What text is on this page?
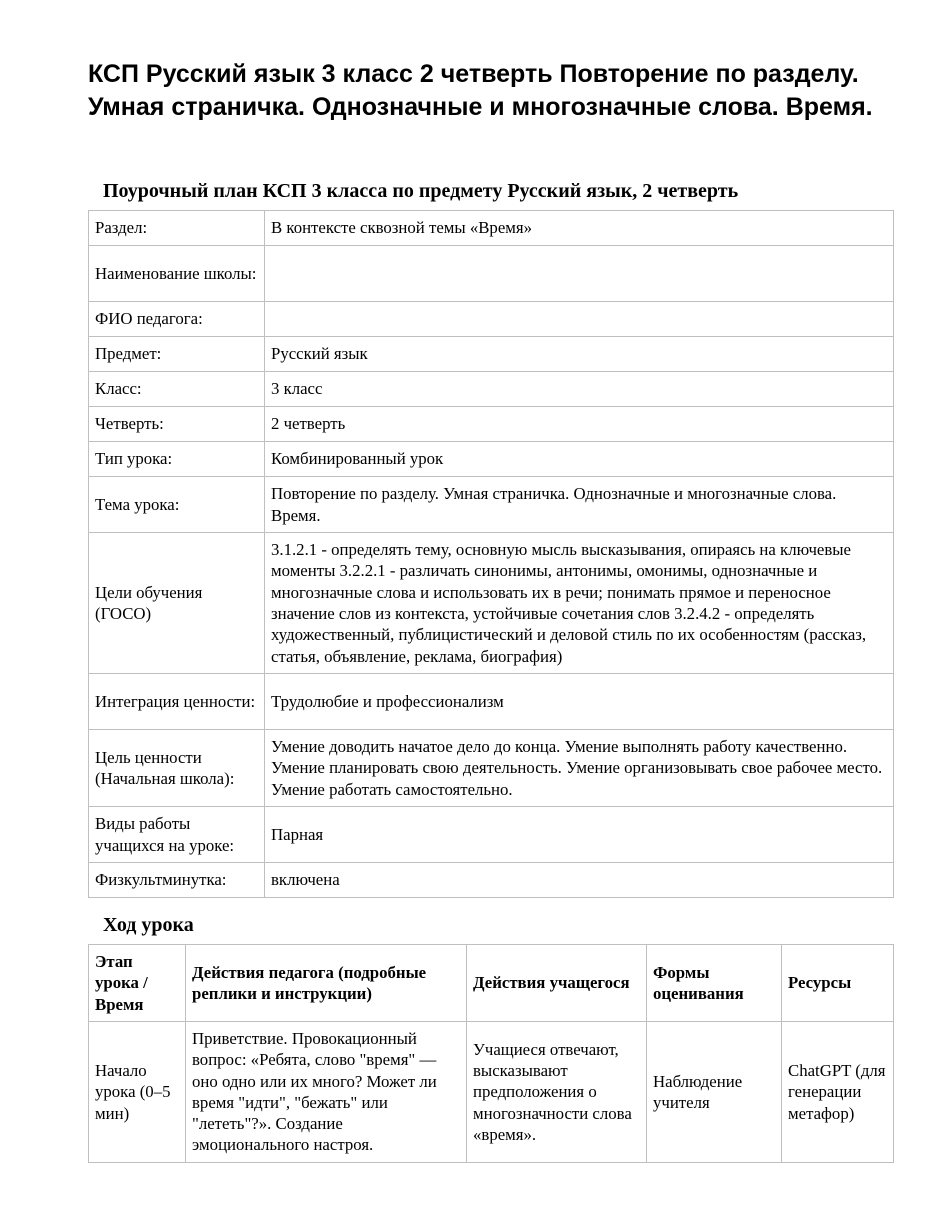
КСП Русский язык 3 класс 2 четверть Повторение по разделу. Умная страничка. Однозначные и многозначные слова. Время.
Поурочный план КСП 3 класса по предмету Русский язык, 2 четверть
Раздел:	В контексте сквозной темы «Время»
Наименование школы:	
ФИО педагога:	
Предмет:	Русский язык
Класс:	3 класс
Четверть:	2 четверть
Тип урока:	Комбинированный урок
Тема урока:	Повторение по разделу. Умная страничка. Однозначные и многозначные слова. Время.
Цели обучения (ГОСО)	3.1.2.1 - определять тему, основную мысль высказывания, опираясь на ключевые моменты 3.2.2.1 - различать синонимы, антонимы, омонимы, однозначные и многозначные слова и использовать их в речи; понимать прямое и переносное значение слов из контекста, устойчивые сочетания слов 3.2.4.2 - определять художественный, публицистический и деловой стиль по их особенностям (рассказ, статья, объявление, реклама, биография)
Интеграция ценности:	Трудолюбие и профессионализм
Цель ценности (Начальная школа):	Умение доводить начатое дело до конца. Умение выполнять работу качественно. Умение планировать свою деятельность. Умение организовывать свое рабочее место. Умение работать самостоятельно.
Виды работы учащихся на уроке:	Парная
Физкультминутка:	включена
Ход урока
Этап урока / Время	Действия педагога (подробные реплики и инструкции)	Действия учащегося	Формы оценивания	Ресурсы
Начало урока (0–5 мин)	Приветствие. Провокационный вопрос: «Ребята, слово "время" — оно одно или их много? Может ли время "идти", "бежать" или "лететь"?». Создание эмоционального настроя.	Учащиеся отвечают, высказывают предположения о многозначности слова «время».	Наблюдение учителя	ChatGPT (для генерации метафор)
